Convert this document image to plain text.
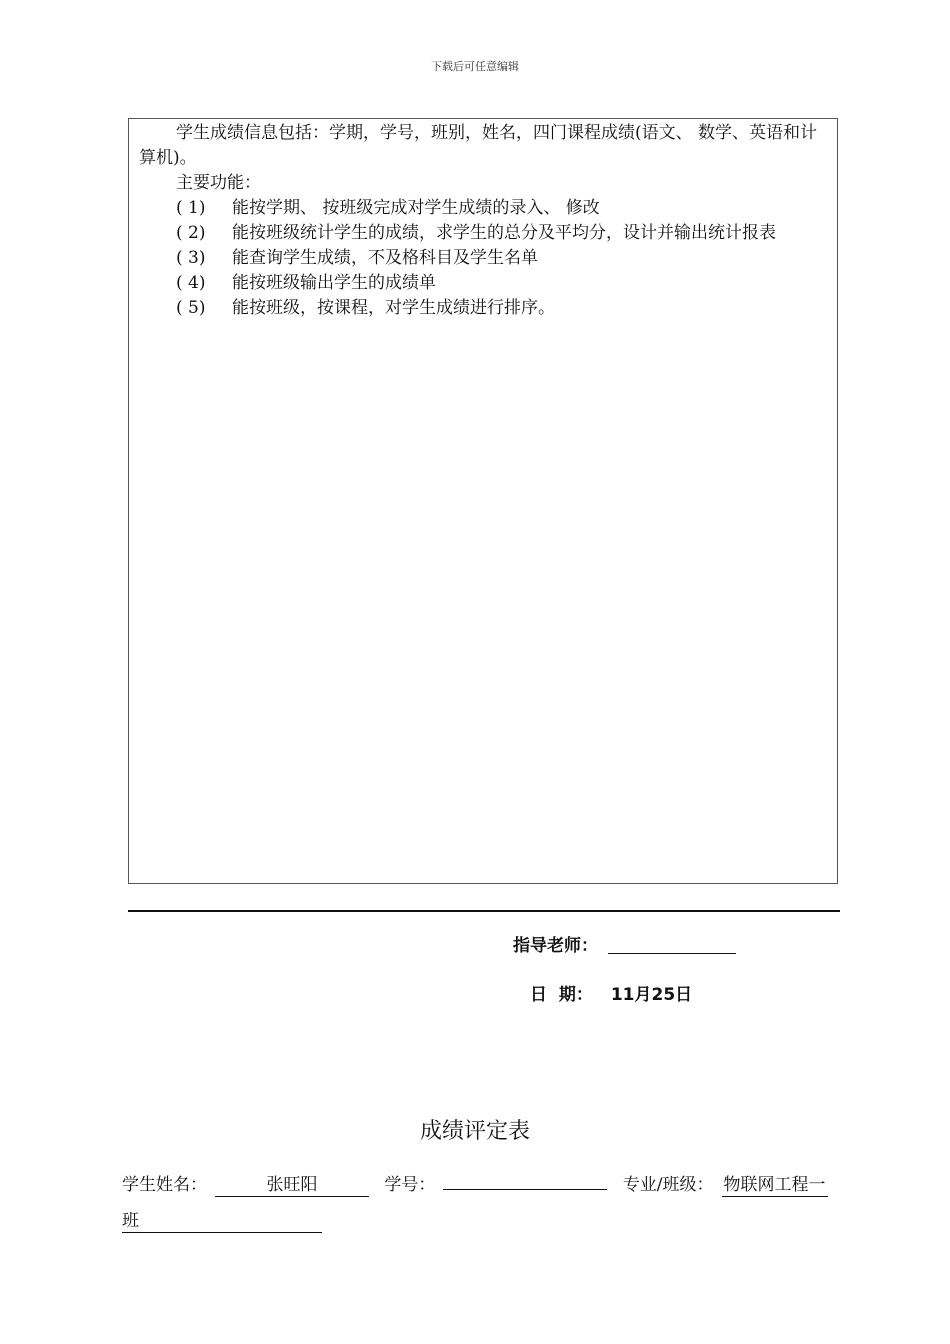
下载后可任意编辑

学生成绩信息包括：学期，学号，班别，姓名，四门课程成绩(语文、 数学、英语和计算机)。

主要功能：

( 1) 能按学期、 按班级完成对学生成绩的录入、 修改

( 2) 能按班级统计学生的成绩，求学生的总分及平均分，设计并输出统计报表

( 3) 能查询学生成绩，不及格科目及学生名单

( 4) 能按班级输出学生的成绩单

( 5) 能按班级，按课程，对学生成绩进行排序。

指导老师：
日  期： 11月25日
成绩评定表
学生姓名：	张旺阳	学号：	专业/班级： 物联网工程一
班
